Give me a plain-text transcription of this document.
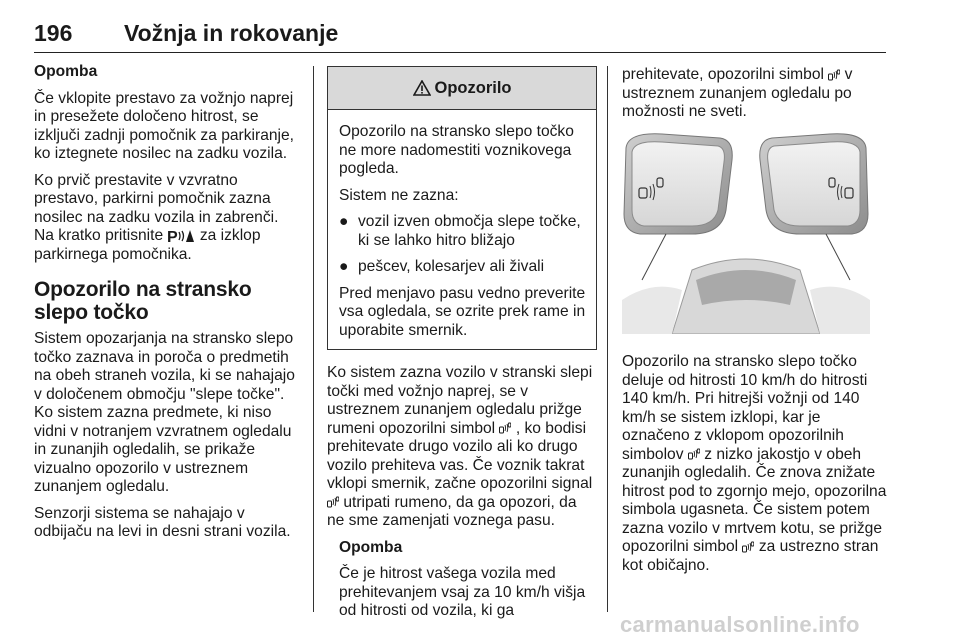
196 Vožnja in rokovanje

Opomba

Če vklopite prestavo za vožnjo naprej in presežete določeno hitrost, se izključi zadnji pomočnik za parkiranje, ko iztegnete nosilec na zadku vozila.

Ko prvič prestavite v vzvratno prestavo, parkirni pomočnik zazna nosilec na zadku vozila in zabrenči. Na kratko pritisnite P za izklop parkirnega pomočnika.

Opozorilo na stransko slepo točko

Sistem opozarjanja na stransko slepo točko zaznava in poroča o predmetih na obeh straneh vozila, ki se nahajajo v določenem območju "slepe točke". Ko sistem zazna predmete, ki niso vidni v notranjem vzvratnem ogledalu in zunanjih ogledalih, se prikaže vizualno opozorilo v ustreznem zunanjem ogledalu.

Senzorji sistema se nahajajo v odbijaču na levi in desni strani vozila.

Opozorilo

Opozorilo na stransko slepo točko ne more nadomestiti voznikovega pogleda.

Sistem ne zazna:

● vozil izven območja slepe točke, ki se lahko hitro bližajo
● pešcev, kolesarjev ali živali

Pred menjavo pasu vedno preverite vsa ogledala, se ozrite prek rame in uporabite smernik.

Ko sistem zazna vozilo v stranski slepi točki med vožnjo naprej, se v ustreznem zunanjem ogledalu prižge rumeni opozorilni simbol , ko bodisi prehitevate drugo vozilo ali ko drugo vozilo prehiteva vas. Če voznik takrat vklopi smernik, začne opozorilni signal  utripati rumeno, da ga opozori, da ne sme zamenjati voznega pasu.

Opomba

Če je hitrost vašega vozila med prehitevanjem vsaj za 10 km/h višja od hitrosti od vozila, ki ga

prehitevate, opozorilni simbol v ustreznem zunanjem ogledalu po možnosti ne sveti.

Opozorilo na stransko slepo točko deluje od hitrosti 10 km/h do hitrosti 140 km/h. Pri hitrejši vožnji od 140 km/h se sistem izklopi, kar je označeno z vklopom opozorilnih simbolov z nizko jakostjo v obeh zunanjih ogledalih. Če znova znižate hitrost pod to zgornjo mejo, opozorilna simbola ugasneta. Če sistem potem zazna vozilo v mrtvem kotu, se prižge opozorilni simbol za ustrezno stran kot običajno.

carmanualsonline.info
